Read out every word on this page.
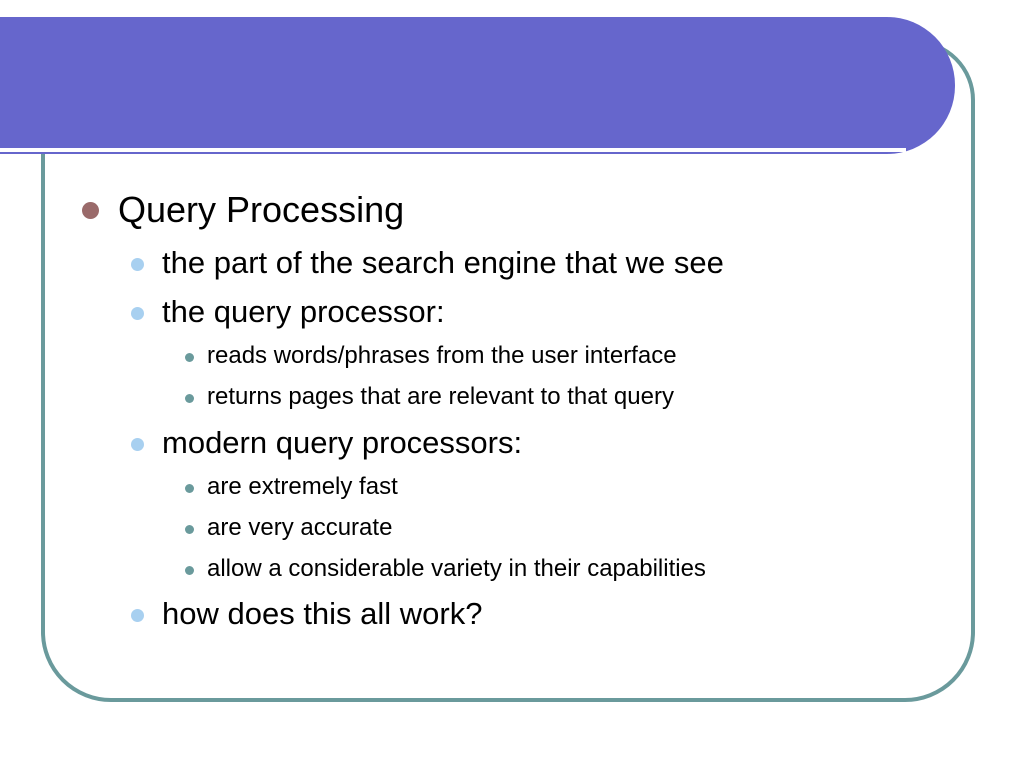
Query Processing
the part of the search engine that we see
the query processor:
reads words/phrases from the user interface
returns pages that are relevant to that query
modern query processors:
are extremely fast
are very accurate
allow a considerable variety in their capabilities
how does this all work?
